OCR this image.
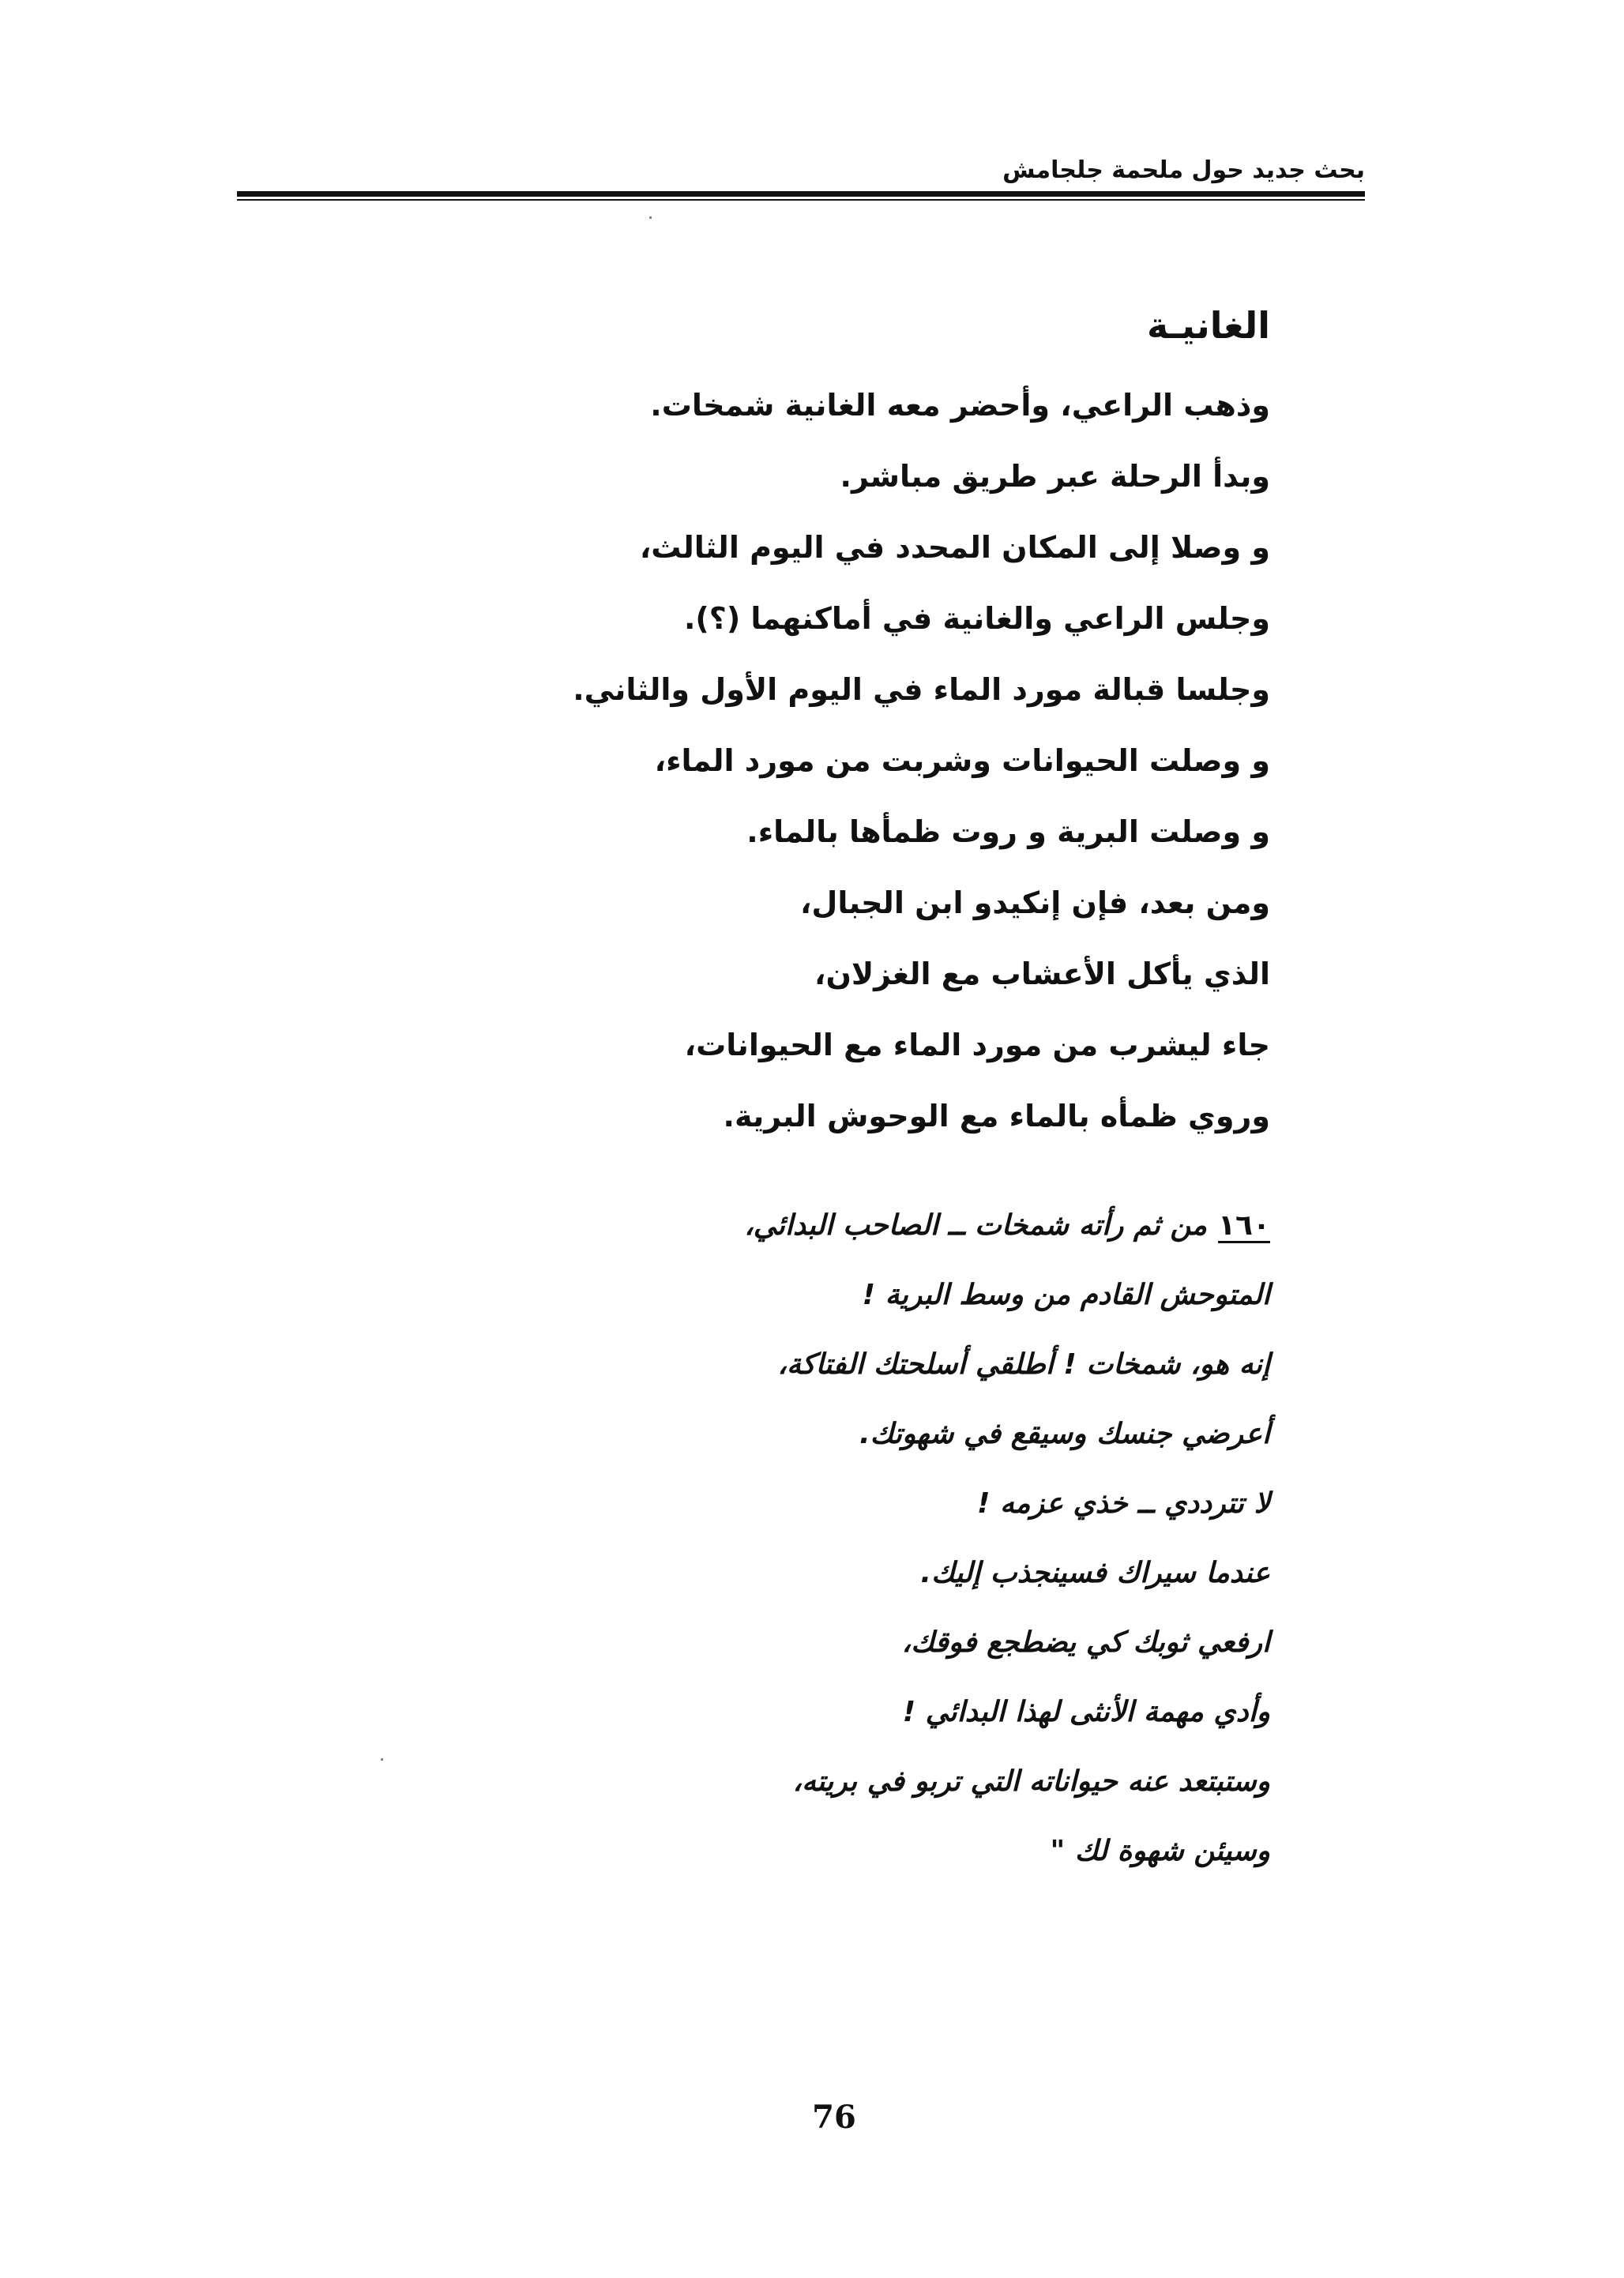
بحث جديد حول ملحمة جلجامش
الغانيـة
وذهب الراعي، وأحضر معه الغانية شمخات.
وبدأ الرحلة عبر طريق مباشر.
و وصلا إلى المكان المحدد في اليوم الثالث،
وجلس الراعي والغانية في أماكنهما (؟).
وجلسا قبالة مورد الماء في اليوم الأول والثاني.
و وصلت الحيوانات وشربت من مورد الماء،
و وصلت البرية و روت ظمأها بالماء.
ومن بعد، فإن إنكيدو ابن الجبال،
الذي يأكل الأعشاب مع الغزلان،
جاء ليشرب من مورد الماء مع الحيوانات،
وروي ظمأه بالماء مع الوحوش البرية.
١٦٠من ثم رأته شمخات ــ الصاحب البدائي،
المتوحش القادم من وسط البرية !
إنه هو، شمخات ! أطلقي أسلحتك الفتاكة،
أعرضي جنسك وسيقع في شهوتك.
لا تترددي ــ خذي عزمه !
عندما سيراك فسينجذب إليك.
ارفعي ثوبك كي يضطجع فوقك،
وأدي مهمة الأنثى لهذا البدائي !
وستبتعد عنه حيواناته التي تربو في بريته،
وسيئن شهوة لك "
76
